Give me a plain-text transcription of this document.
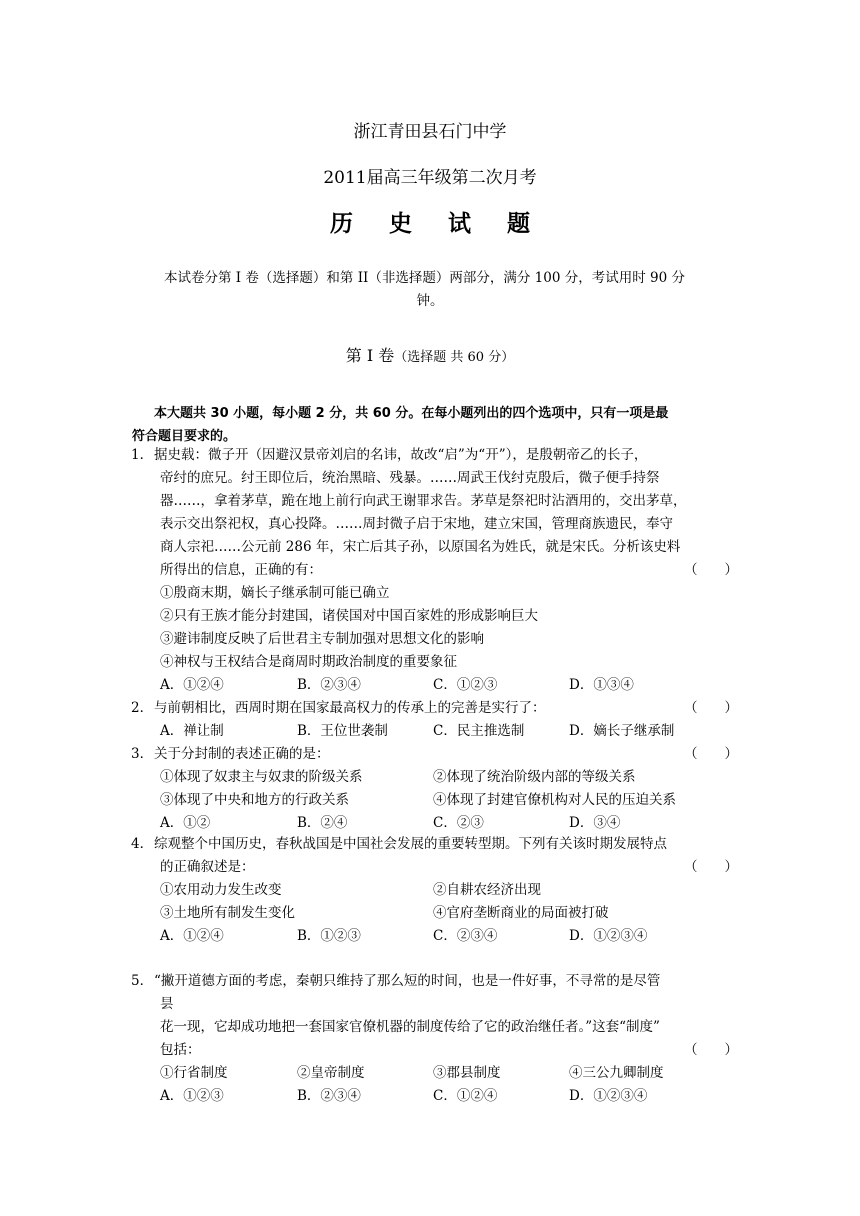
浙江青田县石门中学
2011届高三年级第二次月考
历 史 试 题
本试卷分第 I 卷（选择题）和第 II（非选择题）两部分，满分 100 分，考试用时 90 分
钟。
第 Ⅰ 卷（选择题 共 60 分）
本大题共 30 小题，每小题 2 分，共 60 分。在每小题列出的四个选项中，只有一项是最
符合题目要求的。
1． 据史载：微子开（因避汉景帝刘启的名讳，故改“启”为“开”），是殷朝帝乙的长子，
帝纣的庶兄。纣王即位后，统治黑暗、残暴。……周武王伐纣克殷后，微子便手持祭
器……，拿着茅草，跪在地上前行向武王谢罪求告。茅草是祭祀时沾酒用的，交出茅草，
表示交出祭祀权，真心投降。……周封微子启于宋地，建立宋国，管理商族遗民，奉守
商人宗祀……公元前 286 年，宋亡后其子孙，以原国名为姓氏，就是宋氏。分析该史料
所得出的信息，正确的有：	（　　）
①殷商末期，嫡长子继承制可能已确立
②只有王族才能分封建国，诸侯国对中国百家姓的形成影响巨大
③避讳制度反映了后世君主专制加强对思想文化的影响
④神权与王权结合是商周时期政治制度的重要象征
A．①②④	B．②③④	C．①②③	D．①③④
2． 与前朝相比，西周时期在国家最高权力的传承上的完善是实行了：	（　　）
A．禅让制	B．王位世袭制	C．民主推选制	D．嫡长子继承制
3． 关于分封制的表述正确的是：	（　　）
①体现了奴隶主与奴隶的阶级关系	②体现了统治阶级内部的等级关系
③体现了中央和地方的行政关系	④体现了封建官僚机构对人民的压迫关系
A．①②	B．②④	C．②③	D．③④
4． 综观整个中国历史，春秋战国是中国社会发展的重要转型期。下列有关该时期发展特点
的正确叙述是：	（　　）
①农用动力发生改变	②自耕农经济出现
③土地所有制发生变化	④官府垄断商业的局面被打破
A．①②④	B．①②③	C．②③④	D．①②③④
5． “撇开道德方面的考虑，秦朝只维持了那么短的时间，也是一件好事，不寻常的是尽管
昙
花一现，它却成功地把一套国家官僚机器的制度传给了它的政治继任者。”这套“制度”
包括：	（　　）
①行省制度	②皇帝制度	③郡县制度	④三公九卿制度
A．①②③	B．②③④	C．①②④	D．①②③④
